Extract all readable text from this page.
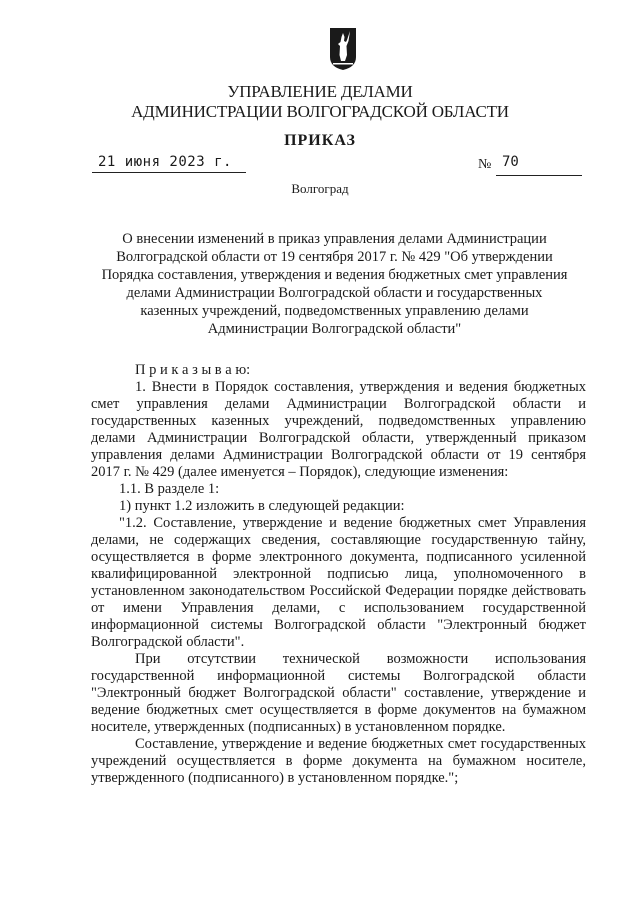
УПРАВЛЕНИЕ ДЕЛАМИ
АДМИНИСТРАЦИИ ВОЛГОГРАДСКОЙ ОБЛАСТИ
ПРИКАЗ
21 июня 2023 г.	№ 70
Волгоград
О внесении изменений в приказ управления делами Администрации
Волгоградской области от 19 сентября 2017 г. № 429 "Об утверждении
Порядка составления, утверждения и ведения бюджетных смет управления
делами Администрации Волгоградской области и государственных
казенных учреждений, подведомственных управлению делами
Администрации Волгоградской области"

П р и к а з ы в а ю:

1. Внести в Порядок составления, утверждения и ведения бюджетных смет управления делами Администрации Волгоградской области и государственных казенных учреждений, подведомственных управлению делами Администрации Волгоградской области, утвержденный приказом управления делами Администрации Волгоградской области от 19 сентября 2017 г. № 429 (далее именуется – Порядок), следующие изменения:

1.1. В разделе 1:

1) пункт 1.2 изложить в следующей редакции:

"1.2. Составление, утверждение и ведение бюджетных смет Управления делами, не содержащих сведения, составляющие государственную тайну, осуществляется в форме электронного документа, подписанного усиленной квалифицированной электронной подписью лица, уполномоченного в установленном законодательством Российской Федерации порядке действовать от имени Управления делами, с использованием государственной информационной системы Волгоградской области "Электронный бюджет Волгоградской области".

При отсутствии технической возможности использования государственной информационной системы Волгоградской области "Электронный бюджет Волгоградской области" составление, утверждение и ведение бюджетных смет осуществляется в форме документов на бумажном носителе, утвержденных (подписанных) в установленном порядке.

Составление, утверждение и ведение бюджетных смет государственных учреждений осуществляется в форме документа на бумажном носителе, утвержденного (подписанного) в установленном порядке.";
